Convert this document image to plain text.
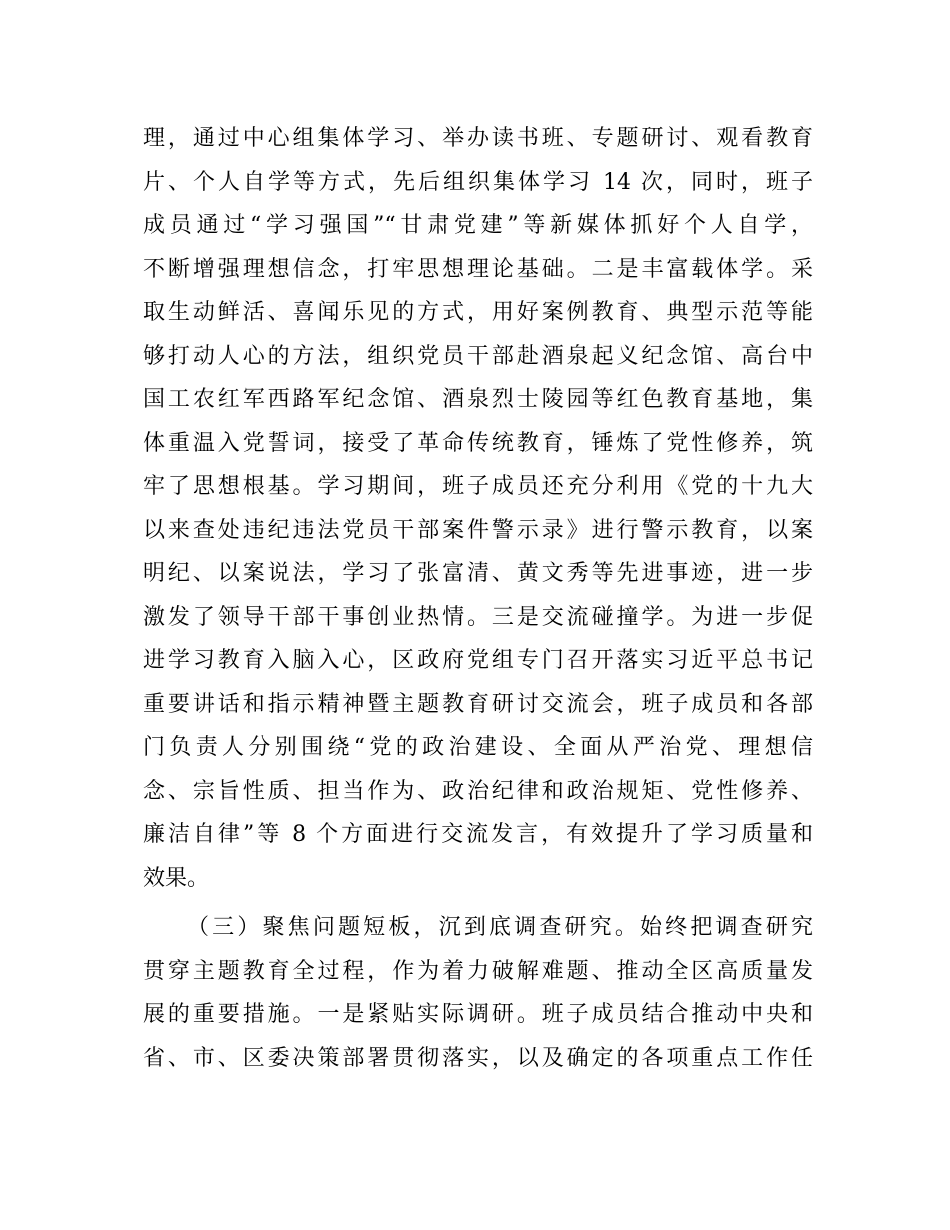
理，通过中心组集体学习、举办读书班、专题研讨、观看教育
片、个人自学等方式，先后组织集体学习 14 次，同时，班子
成员通过“学习强国”“甘肃党建”等新媒体抓好个人自学，
不断增强理想信念，打牢思想理论基础。二是丰富载体学。采
取生动鲜活、喜闻乐见的方式，用好案例教育、典型示范等能
够打动人心的方法，组织党员干部赴酒泉起义纪念馆、高台中
国工农红军西路军纪念馆、酒泉烈士陵园等红色教育基地，集
体重温入党誓词，接受了革命传统教育，锤炼了党性修养，筑
牢了思想根基。学习期间，班子成员还充分利用《党的十九大
以来查处违纪违法党员干部案件警示录》进行警示教育，以案
明纪、以案说法，学习了张富清、黄文秀等先进事迹，进一步
激发了领导干部干事创业热情。三是交流碰撞学。为进一步促
进学习教育入脑入心，区政府党组专门召开落实习近平总书记
重要讲话和指示精神暨主题教育研讨交流会，班子成员和各部
门负责人分别围绕“党的政治建设、全面从严治党、理想信
念、宗旨性质、担当作为、政治纪律和政治规矩、党性修养、
廉洁自律”等 8 个方面进行交流发言，有效提升了学习质量和
效果。
（三）聚焦问题短板，沉到底调查研究。始终把调查研究
贯穿主题教育全过程，作为着力破解难题、推动全区高质量发
展的重要措施。一是紧贴实际调研。班子成员结合推动中央和
省、市、区委决策部署贯彻落实，以及确定的各项重点工作任
